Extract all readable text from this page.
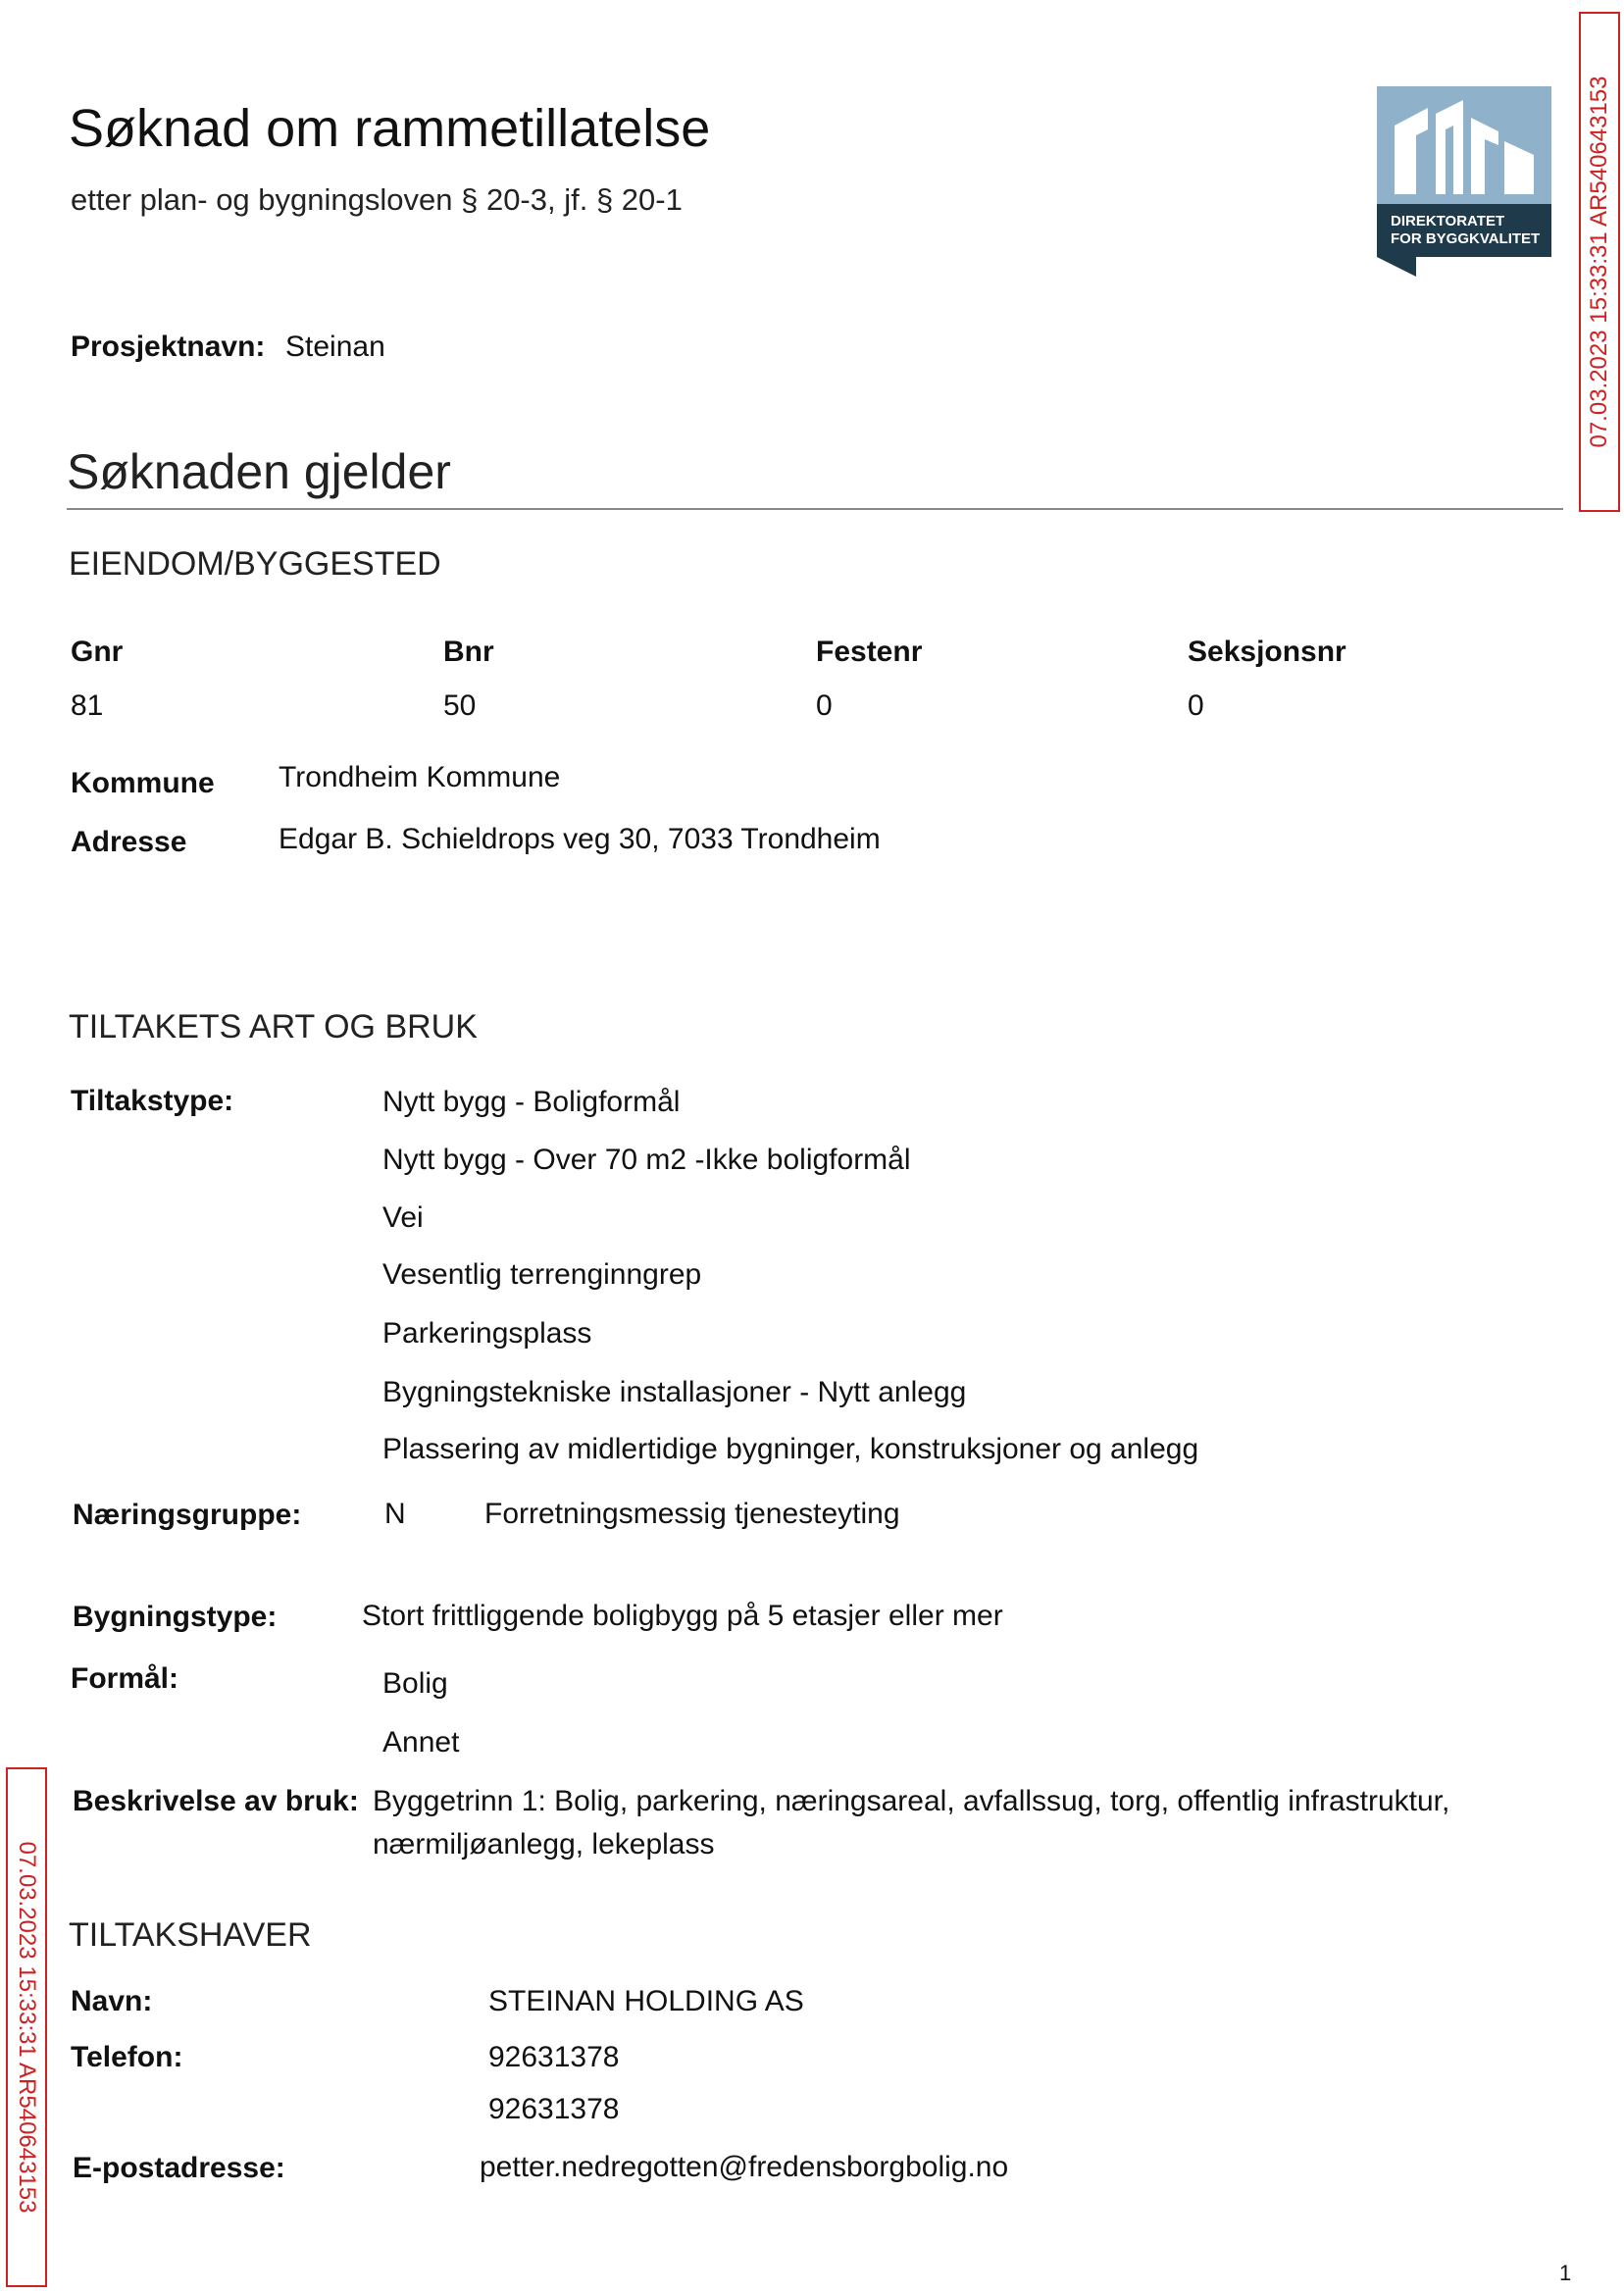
Søknad om rammetillatelse
etter plan- og bygningsloven § 20-3, jf. § 20-1
DIREKTORATET
FOR BYGGKVALITET 07.03.2023 15:33:31 AR540643153
07.03.2023 15:33:31 AR540643153
Prosjektnavn: Steinan
Søknaden gjelder
EIENDOM/BYGGESTED
Gnr	Bnr	Festenr	Seksjonsnr
81	50	0	0
Kommune Trondheim Kommune
Adresse	Edgar B. Schieldrops veg 30, 7033 Trondheim
TILTAKETS ART OG BRUK
Tiltakstype:	Nytt bygg - Boligformål
Nytt bygg - Over 70 m2 -Ikke boligformål
Vei
Vesentlig terrenginngrep
Parkeringsplass
Bygningstekniske installasjoner - Nytt anlegg
Plassering av midlertidige bygninger, konstruksjoner og anlegg
Næringsgruppe:	N	Forretningsmessig tjenesteyting
Bygningstype:	Stort frittliggende boligbygg på 5 etasjer eller mer
Formål:	Bolig
Annet
Beskrivelse av bruk: Byggetrinn 1: Bolig, parkering, næringsareal, avfallssug, torg, offentlig infrastruktur,
nærmiljøanlegg, lekeplass
TILTAKSHAVER
Navn:	STEINAN HOLDING AS
Telefon:	92631378
92631378
E-postadresse:	petter.nedregotten@fredensborgbolig.no
1
